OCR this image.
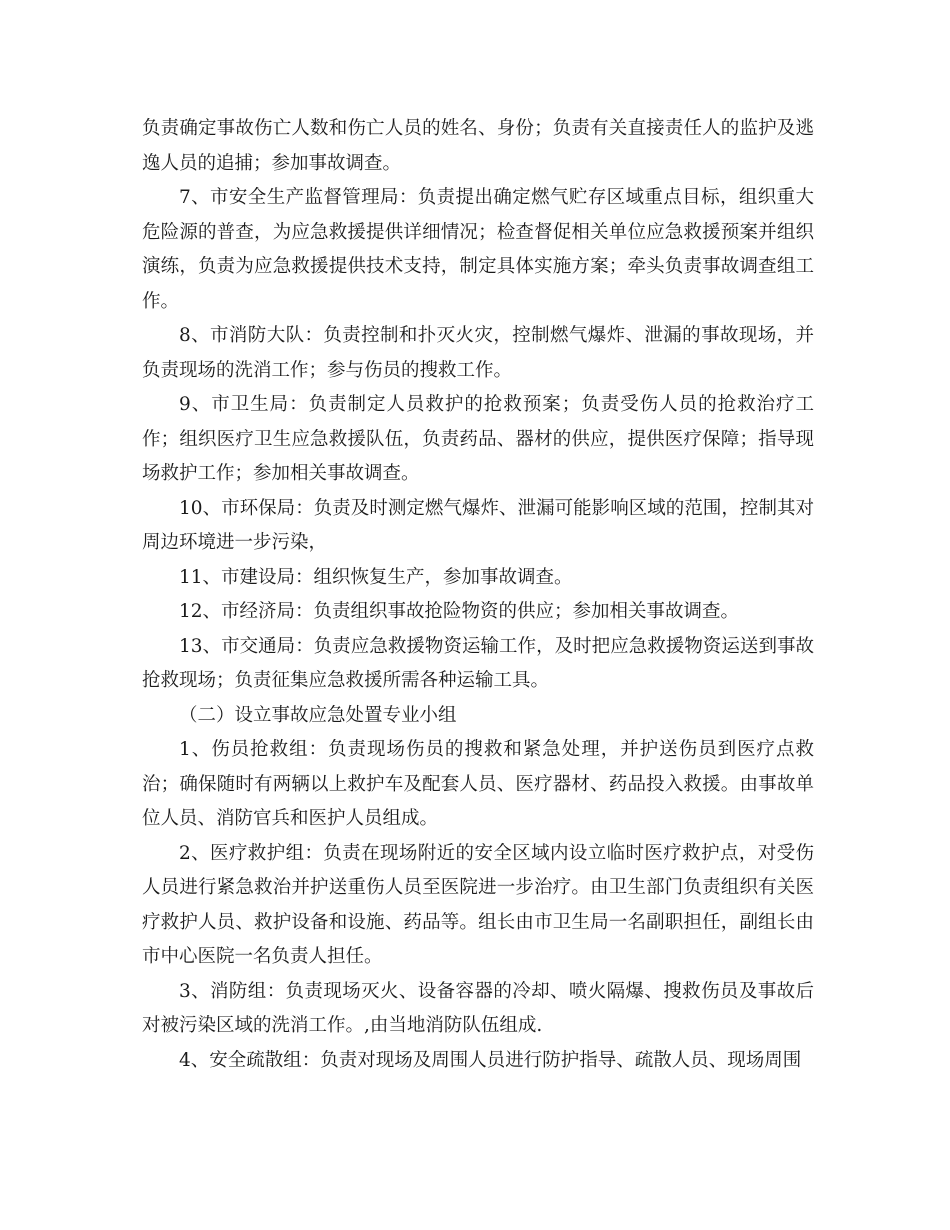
负责确定事故伤亡人数和伤亡人员的姓名、身份；负责有关直接责任人的监护及逃逸人员的追捕；参加事故调查。

7、市安全生产监督管理局：负责提出确定燃气贮存区域重点目标，组织重大危险源的普查，为应急救援提供详细情况；检查督促相关单位应急救援预案并组织演练，负责为应急救援提供技术支持，制定具体实施方案；牵头负责事故调查组工作。

8、市消防大队：负责控制和扑灭火灾，控制燃气爆炸、泄漏的事故现场，并负责现场的洗消工作；参与伤员的搜救工作。

9、市卫生局：负责制定人员救护的抢救预案；负责受伤人员的抢救治疗工作；组织医疗卫生应急救援队伍，负责药品、器材的供应，提供医疗保障；指导现场救护工作；参加相关事故调查。

10、市环保局：负责及时测定燃气爆炸、泄漏可能影响区域的范围，控制其对周边环境进一步污染，

11、市建设局：组织恢复生产，参加事故调查。

12、市经济局：负责组织事故抢险物资的供应；参加相关事故调查。

13、市交通局：负责应急救援物资运输工作，及时把应急救援物资运送到事故抢救现场；负责征集应急救援所需各种运输工具。

（二）设立事故应急处置专业小组

1、伤员抢救组：负责现场伤员的搜救和紧急处理，并护送伤员到医疗点救治；确保随时有两辆以上救护车及配套人员、医疗器材、药品投入救援。由事故单位人员、消防官兵和医护人员组成。

2、医疗救护组：负责在现场附近的安全区域内设立临时医疗救护点，对受伤人员进行紧急救治并护送重伤人员至医院进一步治疗。由卫生部门负责组织有关医疗救护人员、救护设备和设施、药品等。组长由市卫生局一名副职担任，副组长由市中心医院一名负责人担任。

3、消防组：负责现场灭火、设备容器的冷却、喷火隔爆、搜救伤员及事故后对被污染区域的洗消工作。,由当地消防队伍组成.

4、安全疏散组：负责对现场及周围人员进行防护指导、疏散人员、现场周围
